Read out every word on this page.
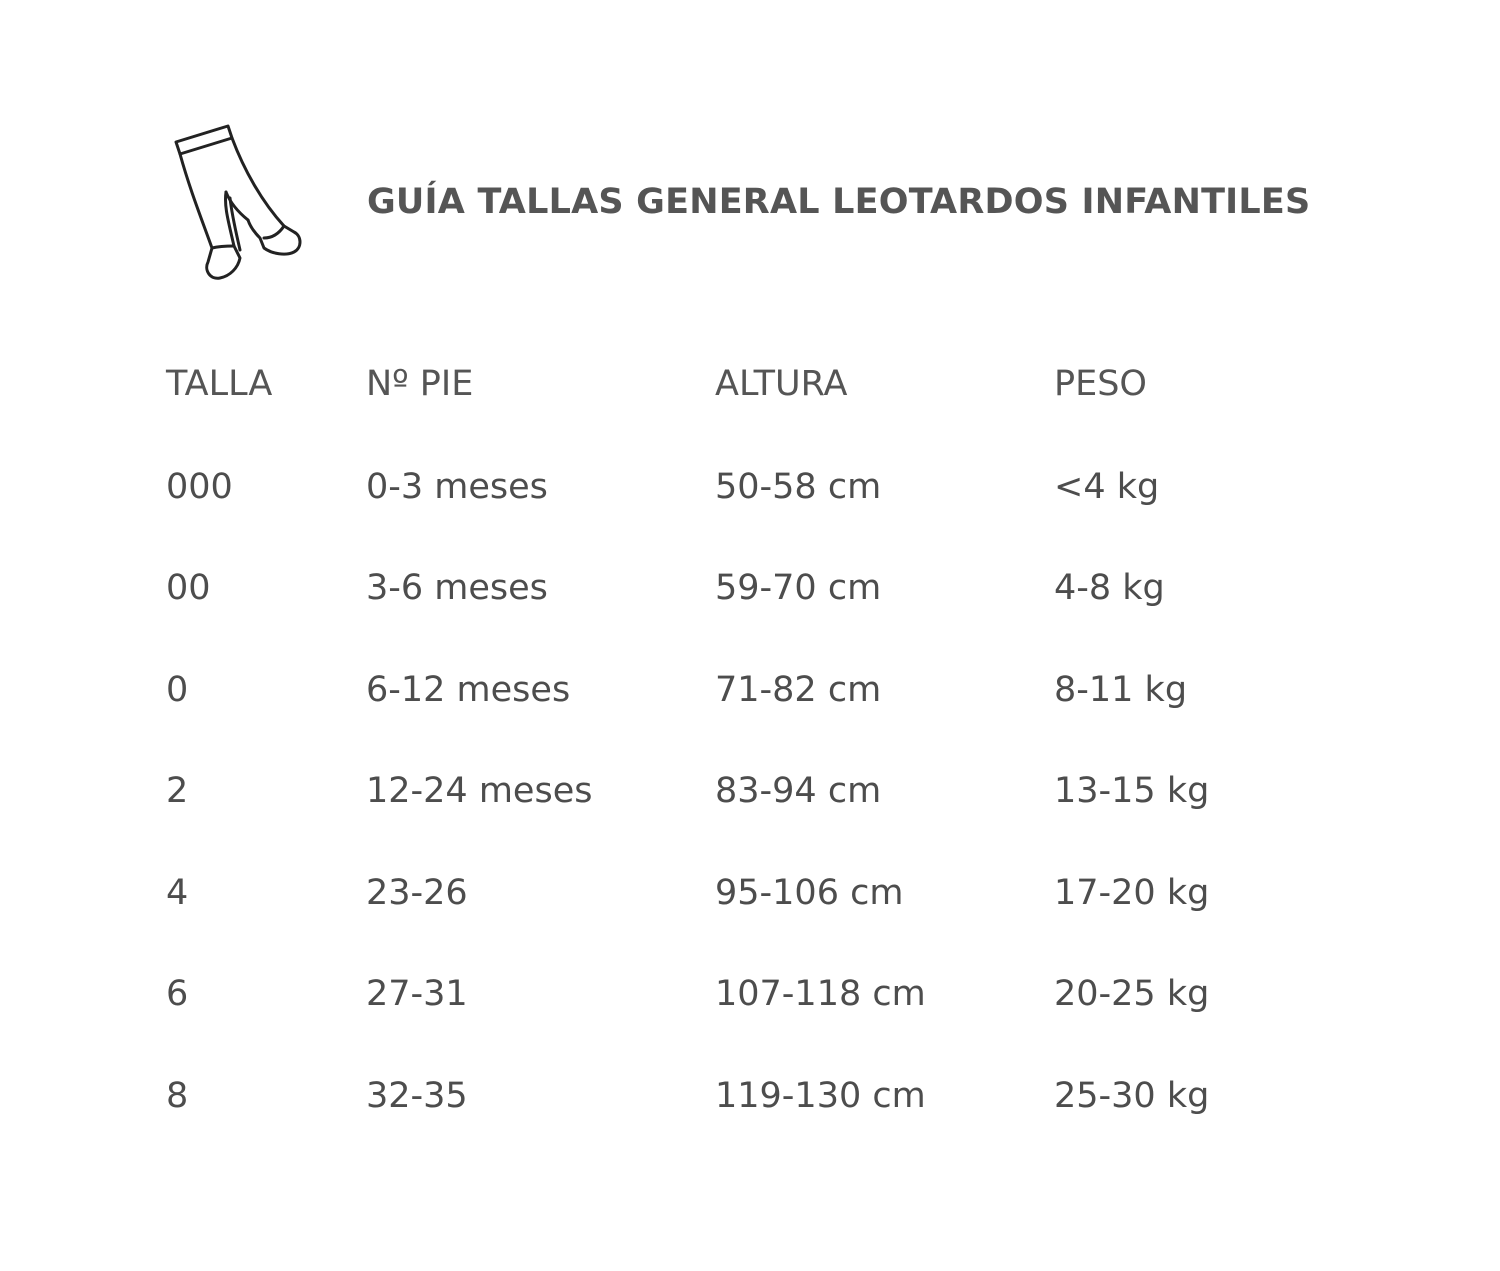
GUÍA TALLAS GENERAL LEOTARDOS INFANTILES
TALLA	Nº PIE	ALTURA	PESO
000	0-3 meses	50-58 cm	<4 kg
00	3-6 meses	59-70 cm	4-8 kg
0	6-12 meses	71-82 cm	8-11 kg
2	12-24 meses	83-94 cm	13-15 kg
4	23-26	95-106 cm	17-20 kg
6	27-31	107-118 cm	20-25 kg
8	32-35	119-130 cm	25-30 kg
